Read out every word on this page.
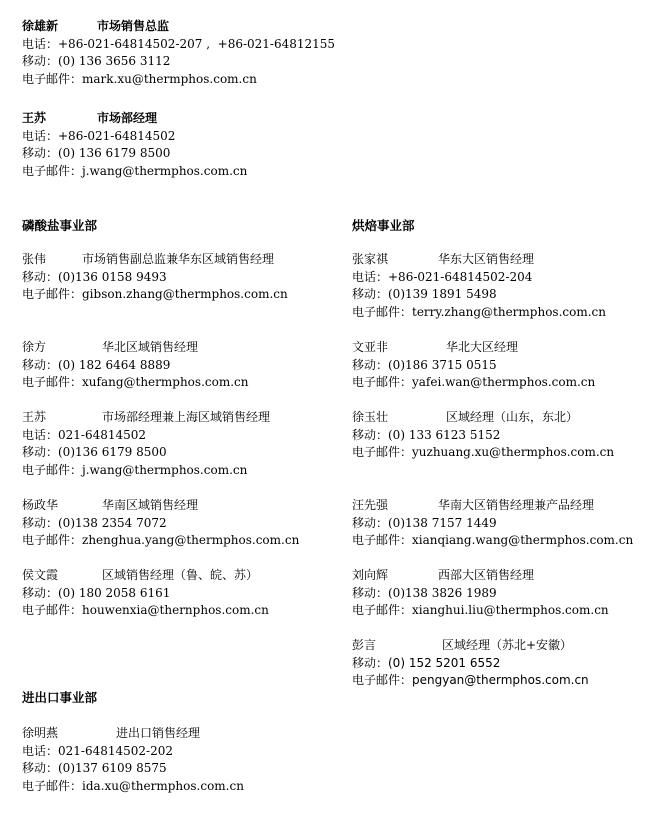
徐雄新	市场销售总监
电话：+86-021-64814502-207 ,  +86-021-64812155
移动：(0) 136 3656 3112
电子邮件：mark.xu@thermphos.com.cn
王苏	市场部经理
电话：+86-021-64814502
移动：(0) 136 6179 8500
电子邮件：j.wang@thermphos.com.cn
磷酸盐事业部	烘焙事业部
进出口事业部
张伟	市场销售副总监兼华东区域销售经理
移动：(0)136 0158 9493
电子邮件：gibson.zhang@thermphos.com.cn
徐方	华北区域销售经理
移动：(0) 182 6464 8889
电子邮件：xufang@thermphos.com.cn
王苏	市场部经理兼上海区域销售经理
电话：021-64814502
移动：(0)136 6179 8500
电子邮件：j.wang@thermphos.com.cn
杨政华	华南区域销售经理
移动：(0)138 2354 7072
电子邮件：zhenghua.yang@thermphos.com.cn
侯文霞	区域销售经理（鲁、皖、苏）
移动：(0) 180 2058 6161
电子邮件：houwenxia@thernphos.com.cn
张家祺	华东大区销售经理
电话：+86-021-64814502-204
移动：(0)139 1891 5498
电子邮件：terry.zhang@thermphos.com.cn
文亚非	华北大区经理
移动：(0)186 3715 0515
电子邮件：yafei.wan@thermphos.com.cn
徐玉壮	区域经理（山东，东北）
移动：(0) 133 6123 5152
电子邮件：yuzhuang.xu@thermphos.com.cn
汪先强	华南大区销售经理兼产品经理
移动：(0)138 7157 1449
电子邮件：xianqiang.wang@thermphos.com.cn
刘向辉	西部大区销售经理
移动：(0)138 3826 1989
电子邮件：xianghui.liu@thermphos.com.cn
彭言	区域经理（苏北+安徽）
移动：(0) 152 5201 6552
电子邮件：pengyan@thermphos.com.cn
徐明燕	进出口销售经理
电话：021-64814502-202
移动：(0)137 6109 8575
电子邮件：ida.xu@thermphos.com.cn
